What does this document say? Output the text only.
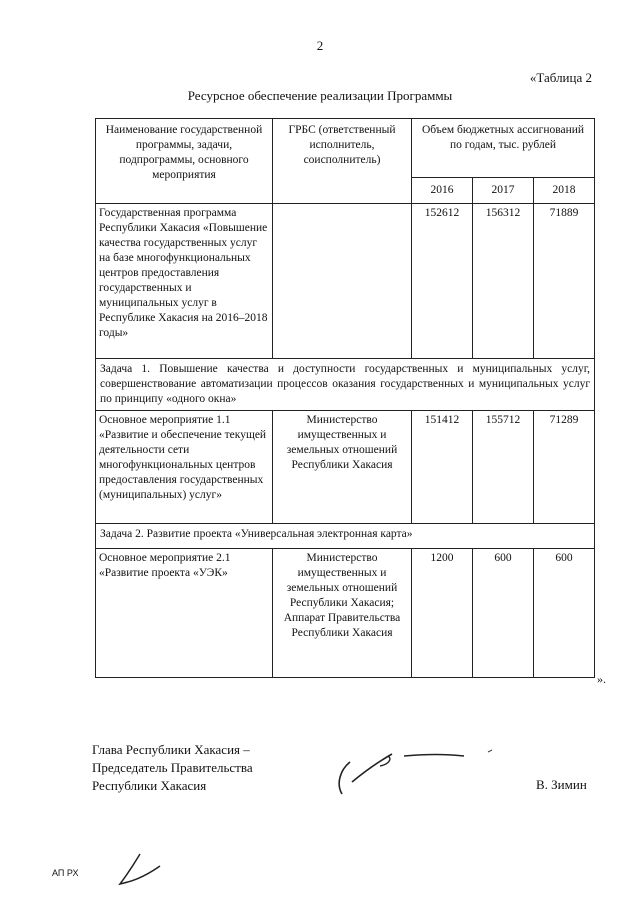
2
«Таблица 2
Ресурсное обеспечение реализации Программы
Наименование государственной программы, задачи, подпрограммы, основного мероприятия	ГРБС (ответственный исполнитель, соисполнитель)	Объем бюджетных ассигнований по годам, тыс. рублей		
		2016	2017	2018
Государственная программа Республики Хакасия «Повышение качества государственных услуг на базе многофункциональных центров предоставления государственных и муниципальных услуг в Республике Хакасия на 2016–2018 годы»		152612	156312	71889
Задача 1. Повышение качества и доступности государственных и муниципальных услуг, совершенствование автоматизации процессов оказания государственных и муниципальных услуг по принципу «одного окна»				
Основное мероприятие 1.1 «Развитие и обеспечение текущей деятельности сети многофункциональных центров предоставления государственных (муниципальных) услуг»	Министерство имущественных и земельных отношений Республики Хакасия	151412	155712	71289
Задача 2. Развитие проекта «Универсальная электронная карта»				
Основное мероприятие 2.1 «Развитие проекта «УЭК»	Министерство имущественных и земельных отношений Республики Хакасия; Аппарат Правительства Республики Хакасия	1200	600	600
».
Глава Республики Хакасия –
Председатель Правительства
Республики Хакасия	В. Зимин
АП РХ
